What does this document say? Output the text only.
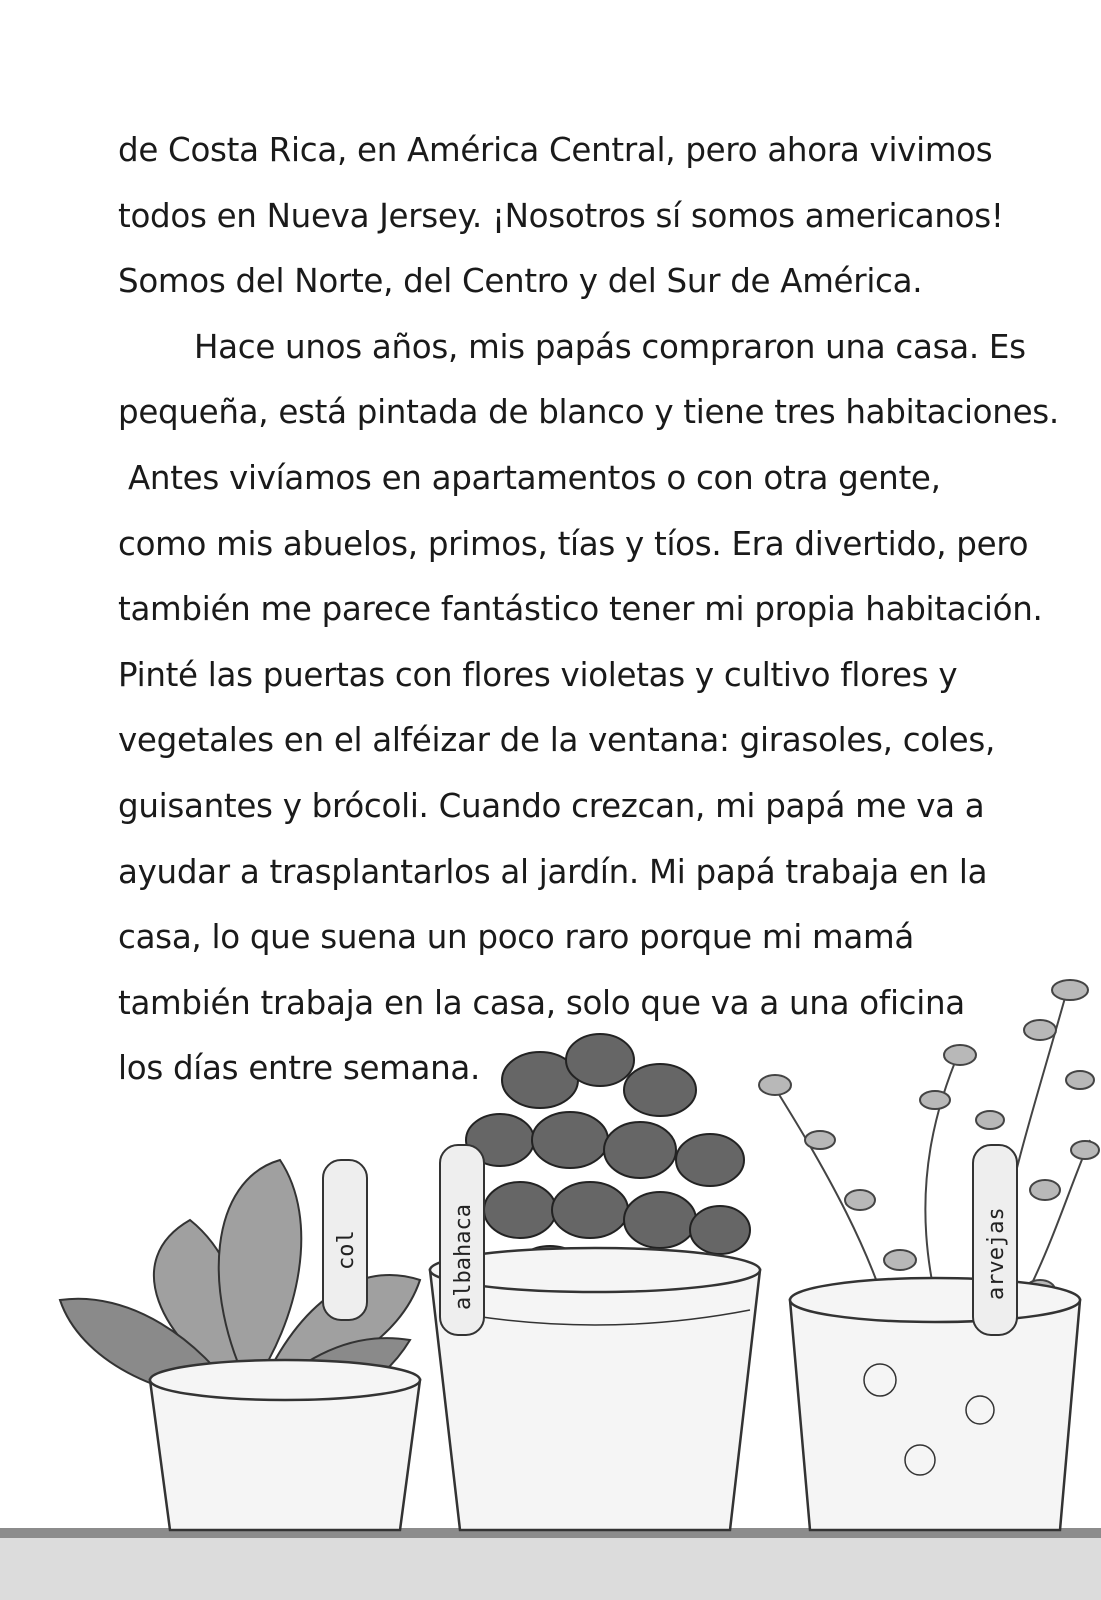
de Costa Rica, en América Central, pero ahora vivimos
todos en Nueva Jersey. ¡Nosotros sí somos americanos!
Somos del Norte, del Centro y del Sur de América.
Hace unos años, mis papás compraron una casa. Es
pequeña, está pintada de blanco y tiene tres habitaciones.
Antes vivíamos en apartamentos o con otra gente,
como mis abuelos, primos, tías y tíos. Era divertido, pero
también me parece fantástico tener mi propia habitación.
Pinté las puertas con flores violetas y cultivo flores y
vegetales en el alféizar de la ventana: girasoles, coles,
guisantes y brócoli. Cuando crezcan, mi papá me va a
ayudar a trasplantarlos al jardín. Mi papá trabaja en la
casa, lo que suena un poco raro porque mi mamá
también trabaja en la casa, solo que va a una oficina
los días entre semana.
col	albahaca	arvejas
